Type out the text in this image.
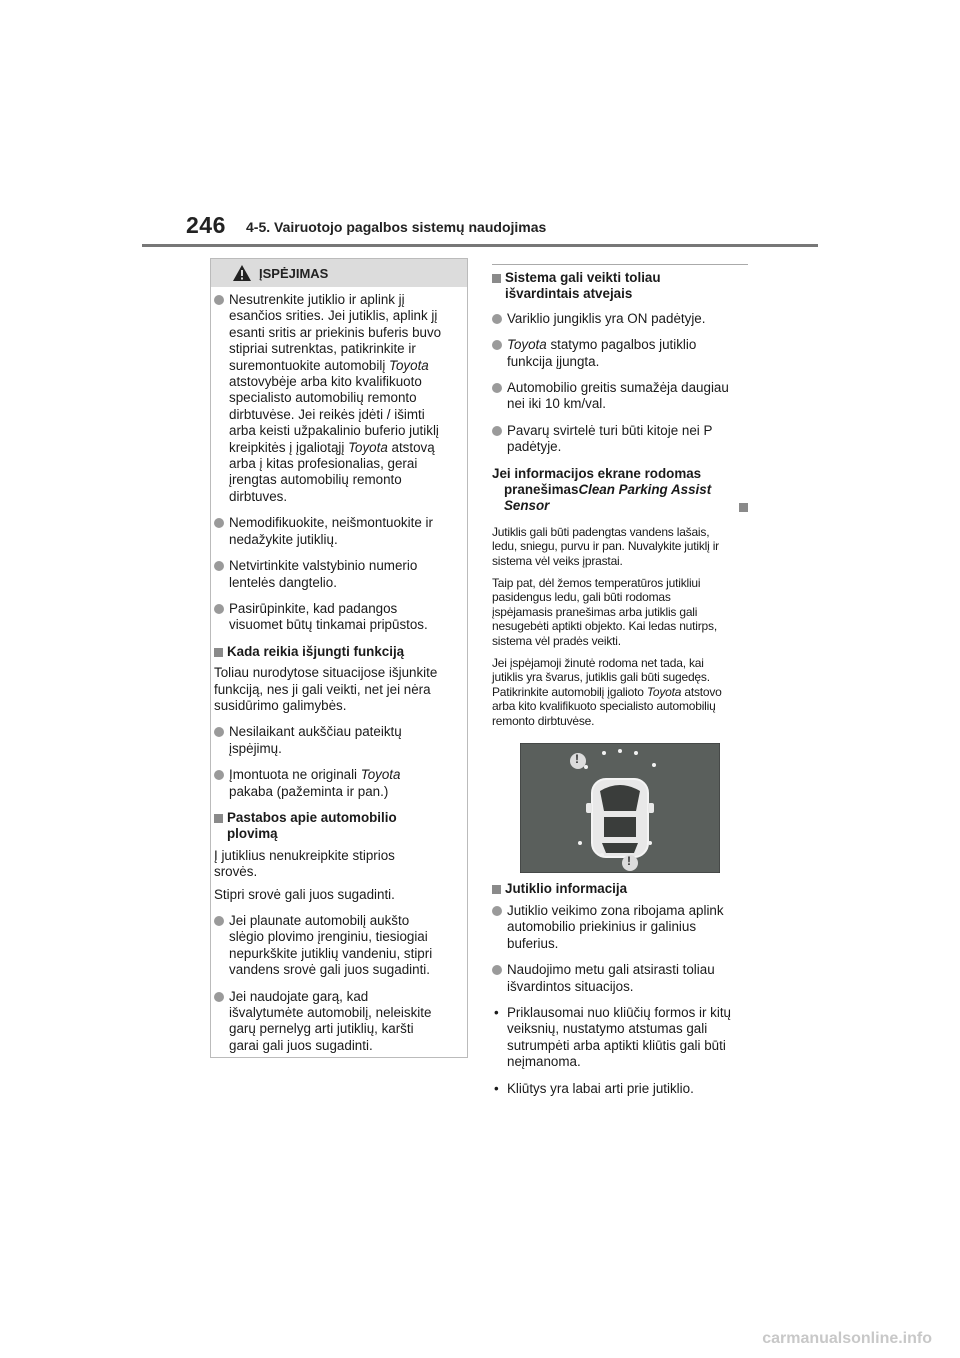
246 4-5. Vairuotojo pagalbos sistemų naudojimas
ĮSPĖJIMAS
Nesutrenkite jutiklio ir aplink jį
esančios srities. Jei jutiklis, aplink jį
esanti sritis ar priekinis buferis buvo
stipriai sutrenktas, patikrinkite ir
suremontuokite automobilį Toyota
atstovybėje arba kito kvalifikuoto
specialisto automobilių remonto
dirbtuvėse. Jei reikės įdėti / išimti
arba keisti užpakalinio buferio jutiklį
kreipkitės į įgaliotąjį Toyota atstovą
arba į kitas profesionalias, gerai
įrengtas automobilių remonto
dirbtuves.
Nemodifikuokite, neišmontuokite ir
nedažykite jutiklių.
Netvirtinkite valstybinio numerio
lentelės dangtelio.
Pasirūpinkite, kad padangos
visuomet būtų tinkamai pripūstos.
Kada reikia išjungti funkciją
Toliau nurodytose situacijose išjunkite
funkciją, nes ji gali veikti, net jei nėra
susidūrimo galimybės.
Nesilaikant aukščiau pateiktų
įspėjimų.
Įmontuota ne originali Toyota
pakaba (pažeminta ir pan.)
Pastabos apie automobilio
plovimą
Į jutiklius nenukreipkite stiprios
srovės.
Stipri srovė gali juos sugadinti.
Jei plaunate automobilį aukšto
slėgio plovimo įrenginiu, tiesiogiai
nepurkškite jutiklių vandeniu, stipri
vandens srovė gali juos sugadinti.
Jei naudojate garą, kad
išvalytumėte automobilį, neleiskite
garų pernelyg arti jutiklių, karšti
garai gali juos sugadinti.
Sistema gali veikti toliau
išvardintais atvejais
Variklio jungiklis yra ON padėtyje.
Toyota statymo pagalbos jutiklio
funkcija įjungta.
Automobilio greitis sumažėja daugiau
nei iki 10 km/val.
Pavarų svirtelė turi būti kitoje nei P
padėtyje.
Jei informacijos ekrane rodomas

pranešimasClean Parking Assist
Sensor
Jutiklis gali būti padengtas vandens lašais,
ledu, sniegu, purvu ir pan. Nuvalykite jutiklį ir
sistema vėl veiks įprastai.
Taip pat, dėl žemos temperatūros jutikliui
pasidengus ledu, gali būti rodomas
įspėjamasis pranešimas arba jutiklis gali
nesugebėti aptikti objekto. Kai ledas nutirps,
sistema vėl pradės veikti.
Jei įspėjamoji žinutė rodoma net tada, kai
jutiklis yra švarus, jutiklis gali būti sugedęs.
Patikrinkite automobilį įgalioto Toyota atstovo
arba kito kvalifikuoto specialisto automobilių
remonto dirbtuvėse.
!
!
Jutiklio informacija
Jutiklio veikimo zona ribojama aplink
automobilio priekinius ir galinius
buferius.
Naudojimo metu gali atsirasti toliau
išvardintos situacijos.
• Priklausomai nuo kliūčių formos ir kitų
veiksnių, nustatymo atstumas gali
sutrumpėti arba aptikti kliūtis gali būti
neįmanoma.
• Kliūtys yra labai arti prie jutiklio.
carmanualsonline.info
